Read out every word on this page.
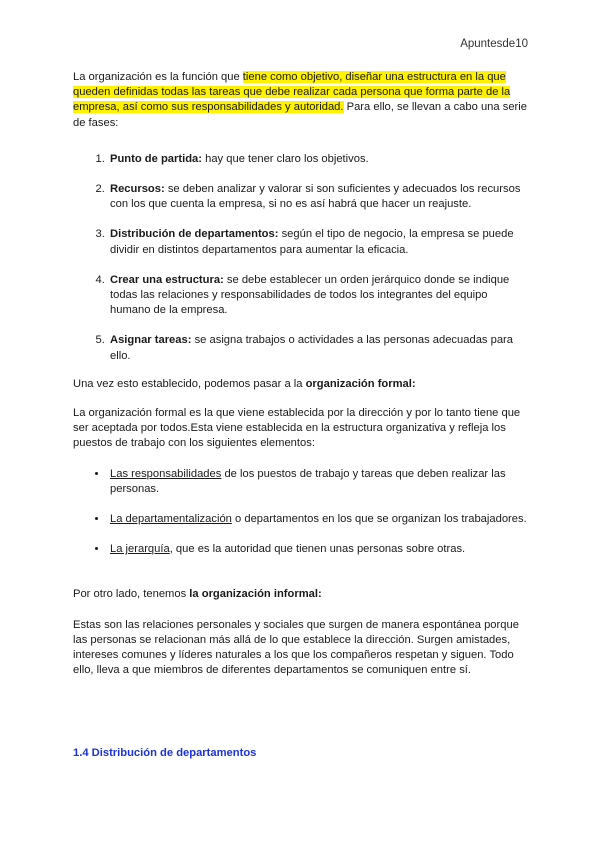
Apuntesde10

La organización es la función que tiene como objetivo, diseñar una estructura en la que queden definidas todas las tareas que debe realizar cada persona que forma parte de la empresa, así como sus responsabilidades y autoridad. Para ello, se llevan a cabo una serie de fases:

1. Punto de partida: hay que tener claro los objetivos.
2. Recursos: se deben analizar y valorar si son suficientes y adecuados los recursos con los que cuenta la empresa, si no es así habrá que hacer un reajuste.
3. Distribución de departamentos: según el tipo de negocio, la empresa se puede dividir en distintos departamentos para aumentar la eficacia.
4. Crear una estructura: se debe establecer un orden jerárquico donde se indique todas las relaciones y responsabilidades de todos los integrantes del equipo humano de la empresa.
5. Asignar tareas: se asigna trabajos o actividades a las personas adecuadas para ello.

Una vez esto establecido, podemos pasar a la organización formal:

La organización formal es la que viene establecida por la dirección y por lo tanto tiene que ser aceptada por todos.Esta viene establecida en la estructura organizativa y refleja los puestos de trabajo con los siguientes elementos:

• Las responsabilidades de los puestos de trabajo y tareas que deben realizar las personas.
• La departamentalización o departamentos en los que se organizan los trabajadores.
• La jerarquía, que es la autoridad que tienen unas personas sobre otras.

Por otro lado, tenemos la organización informal:

Estas son las relaciones personales y sociales que surgen de manera espontánea porque las personas se relacionan más allá de lo que establece la dirección. Surgen amistades, intereses comunes y líderes naturales a los que los compañeros respetan y siguen. Todo ello, lleva a que miembros de diferentes departamentos se comuniquen entre sí.

1.4 Distribución de departamentos
